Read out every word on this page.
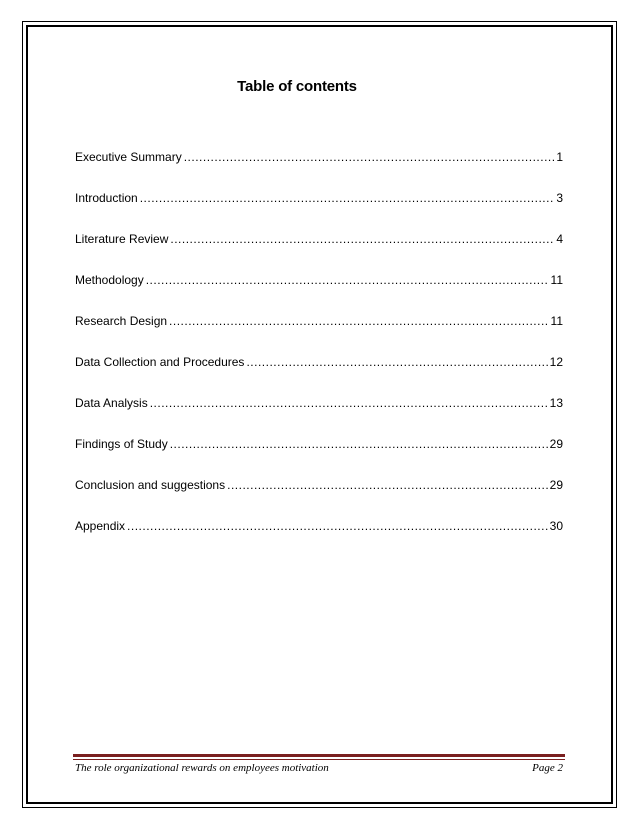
Table of contents
Executive Summary .....	1
Introduction .....	3
Literature Review .....	4
Methodology .....	11
Research Design .....	11
Data Collection and Procedures .....	12
Data Analysis .....	13
Findings of Study .....	29
Conclusion and suggestions .....	29
Appendix .....	30
The role organizational rewards on employees motivation	Page 2
